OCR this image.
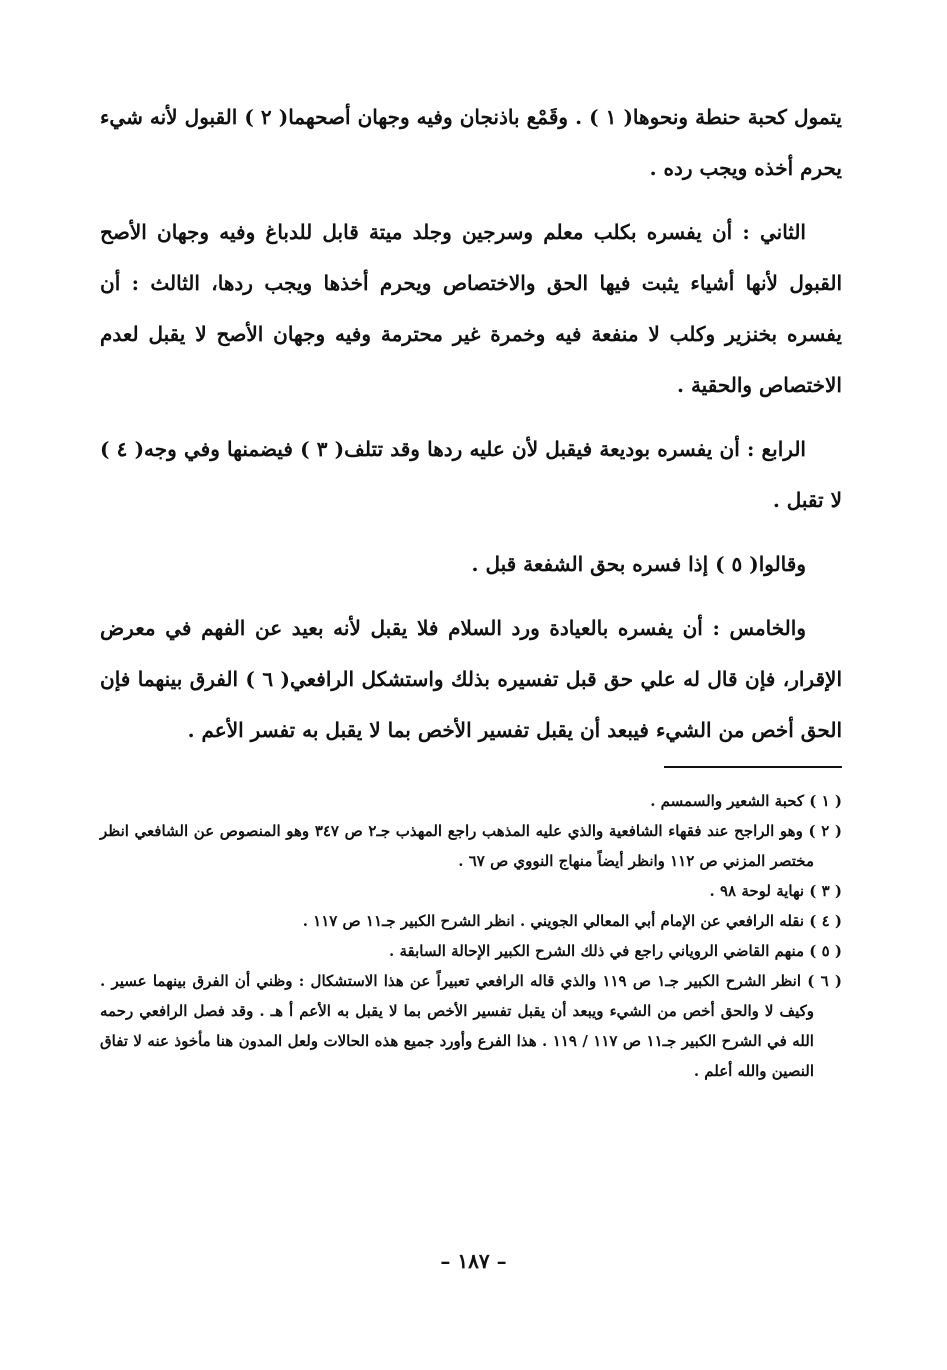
يتمول كحبة حنطة ونحوها( ١ ) . وقَمْع باذنجان وفيه وجهان أصحهما( ٢ ) القبول لأنه شيء يحرم أخذه ويجب رده .

الثاني : أن يفسره بكلب معلم وسرجين وجلد ميتة قابل للدباغ وفيه وجهان الأصح القبول لأنها أشياء يثبت فيها الحق والاختصاص ويحرم أخذها ويجب ردها، الثالث : أن يفسره بخنزير وكلب لا منفعة فيه وخمرة غير محترمة وفيه وجهان الأصح لا يقبل لعدم الاختصاص والحقية .

الرابع : أن يفسره بوديعة فيقبل لأن عليه ردها وقد تتلف( ٣ ) فيضمنها وفي وجه( ٤ ) لا تقبل .

وقالوا( ٥ ) إذا فسره بحق الشفعة قبل .

والخامس : أن يفسره بالعيادة ورد السلام فلا يقبل لأنه بعيد عن الفهم في معرض الإقرار، فإن قال له علي حق قبل تفسيره بذلك واستشكل الرافعي( ٦ ) الفرق بينهما فإن الحق أخص من الشيء فيبعد أن يقبل تفسير الأخص بما لا يقبل به تفسر الأعم .

( ١ ) كحبة الشعير والسمسم .

( ٢ ) وهو الراجح عند فقهاء الشافعية والذي عليه المذهب راجع المهذب جـ٢ ص ٣٤٧ وهو المنصوص عن الشافعي انظر مختصر المزني ص ١١٢ وانظر أيضاً منهاج النووي ص ٦٧ .

( ٣ ) نهاية لوحة ٩٨ .

( ٤ ) نقله الرافعي عن الإمام أبي المعالي الجويني . انظر الشرح الكبير جـ١١ ص ١١٧ .

( ٥ ) منهم القاضي الروياني راجع في ذلك الشرح الكبير الإحالة السابقة .

( ٦ ) انظر الشرح الكبير جـ١ ص ١١٩ والذي قاله الرافعي تعبيراً عن هذا الاستشكال : وظني أن الفرق بينهما عسير . وكيف لا والحق أخص من الشيء ويبعد أن يقبل تفسير الأخص بما لا يقبل به الأعم أ هـ . وقد فصل الرافعي رحمه الله في الشرح الكبير جـ١١ ص ١١٧ / ١١٩ . هذا الفرع وأورد جميع هذه الحالات ولعل المدون هنا مأخوذ عنه لا تفاق النصين والله أعلم .

– ١٨٧ –
